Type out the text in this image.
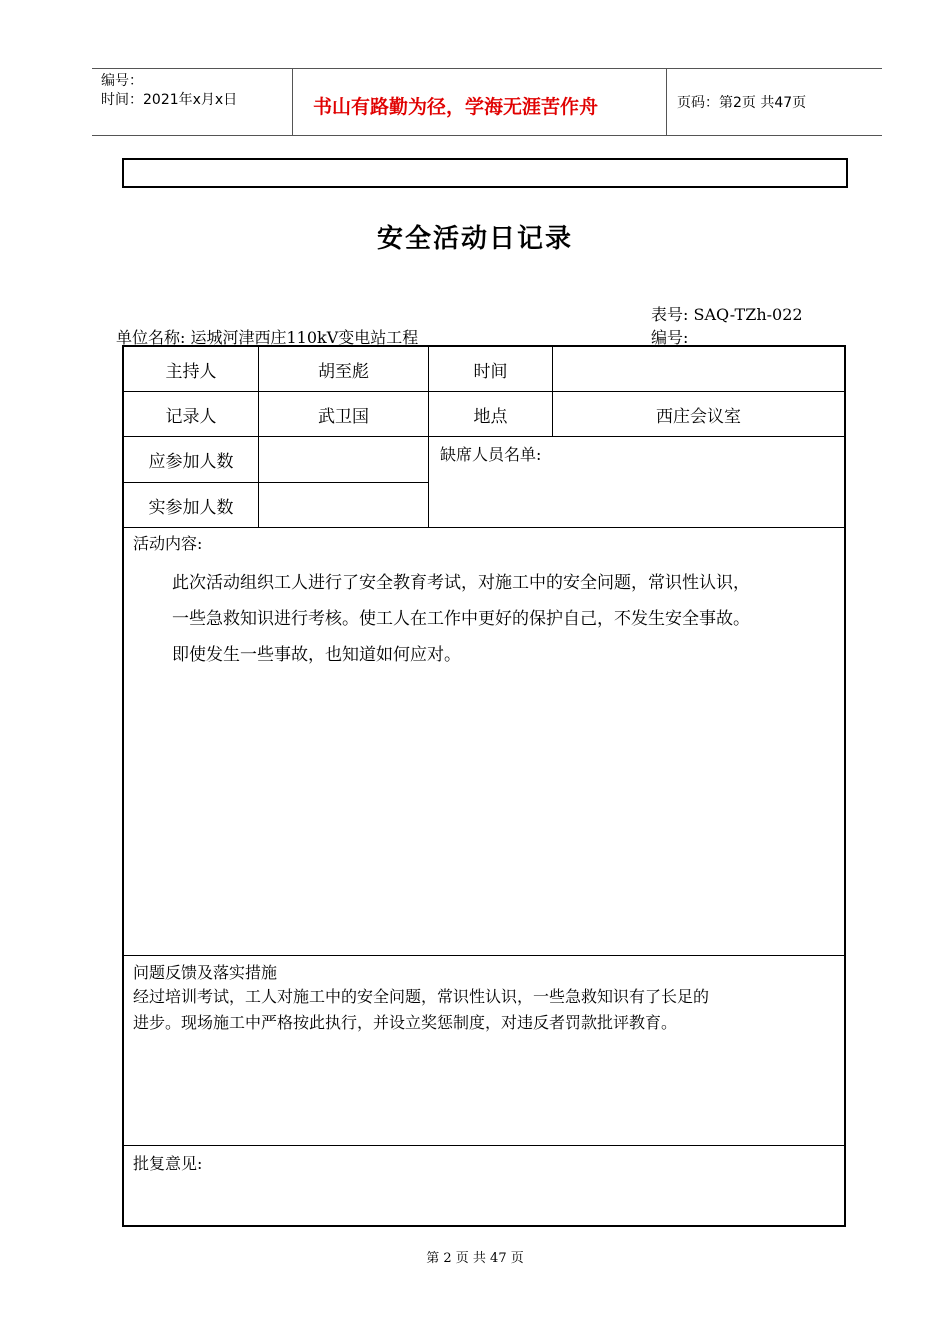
编号：
时间：2021年x月x日	书山有路勤为径，学海无涯苦作舟	页码：第2页 共47页
安全活动日记录
表号: SAQ-TZh-022
编号:
单位名称: 运城河津西庄110kV变电站工程
主持人	胡至彪	时间
记录人	武卫国	地点	西庄会议室
应参加人数
实参加人数
缺席人员名单:
活动内容:
此次活动组织工人进行了安全教育考试，对施工中的安全问题，常识性认识，
一些急救知识进行考核。使工人在工作中更好的保护自己，不发生安全事故。
即使发生一些事故，也知道如何应对。
问题反馈及落实措施
经过培训考试，工人对施工中的安全问题，常识性认识，一些急救知识有了长足的
进步。现场施工中严格按此执行，并设立奖惩制度，对违反者罚款批评教育。
批复意见:
第 2 页 共 47 页
